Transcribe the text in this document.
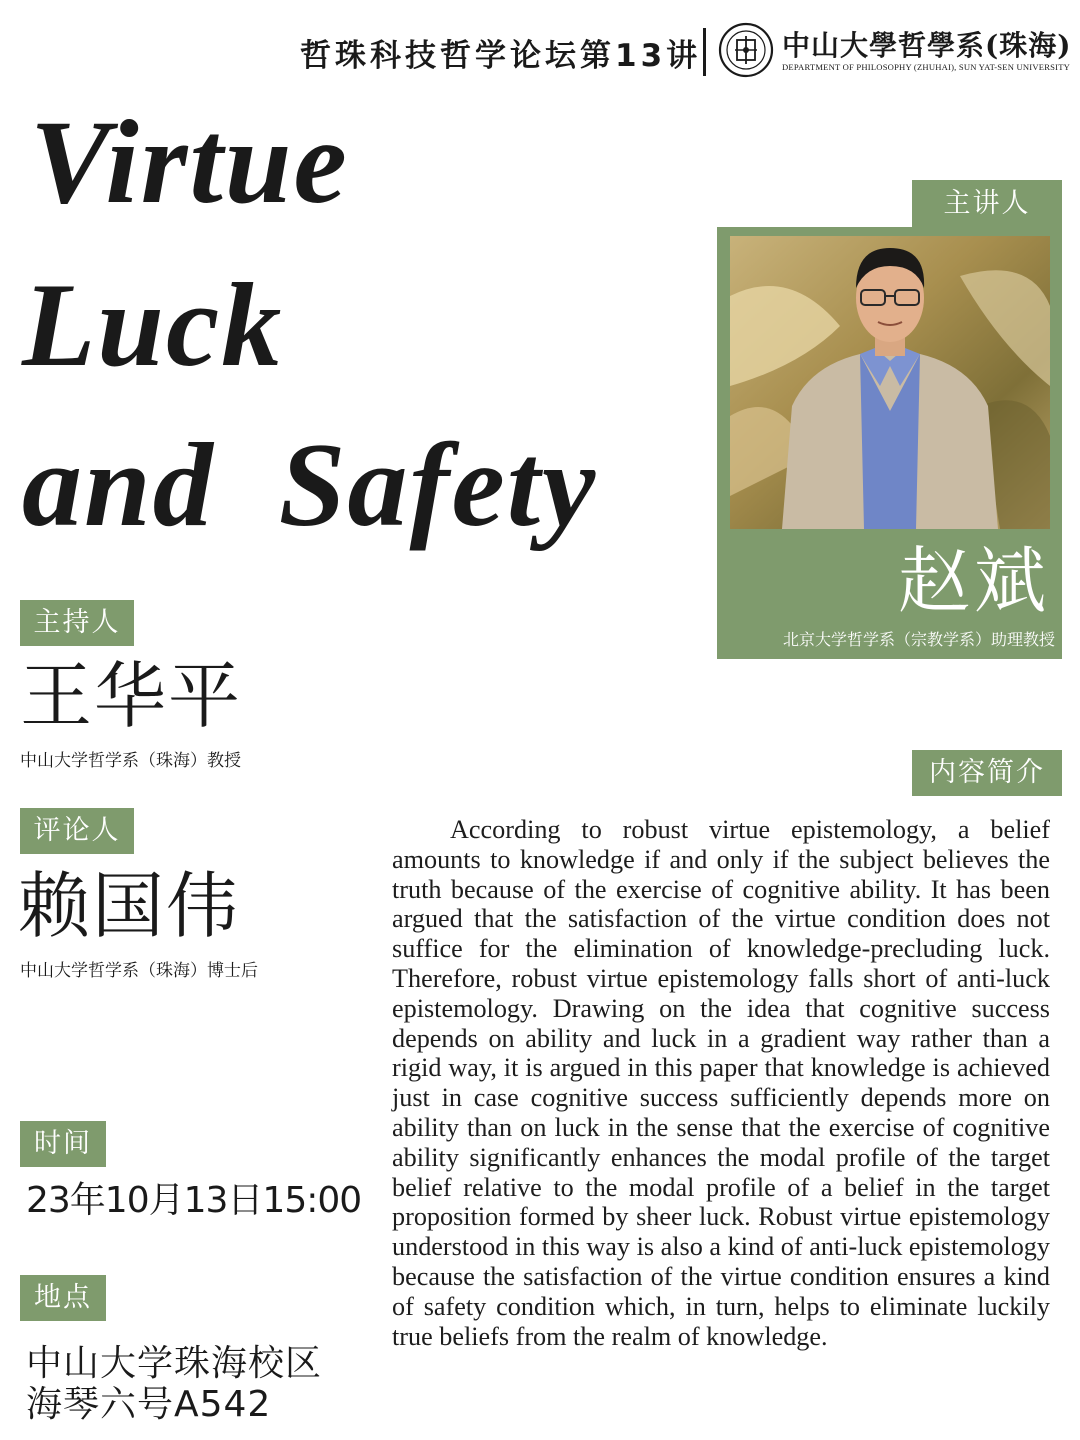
哲珠科技哲学论坛第13讲	中山大學哲學系(珠海)
DEPARTMENT OF PHILOSOPHY (ZHUHAI), SUN YAT-SEN UNIVERSITY
Virtue
Luck
and  Safety
主讲人
赵斌
北京大学哲学系（宗教学系）助理教授
主持人
王华平
中山大学哲学系（珠海）教授
评论人
赖国伟
中山大学哲学系（珠海）博士后
时间
23年10月13日15:00
地点
中山大学珠海校区
海琴六号A542
内容简介
According to robust virtue epistemology, a belief amounts to knowledge if and only if the subject believes the truth because of the exercise of cognitive ability. It has been argued that the satisfaction of the virtue condition does not suffice for the elimination of knowledge-precluding luck. Therefore, robust virtue epistemology falls short of anti-luck epistemology. Drawing on the idea that cognitive success depends on ability and luck in a gradient way rather than a rigid way, it is argued in this paper that knowledge is achieved just in case cognitive success sufficiently depends more on ability than on luck in the sense that the exercise of cognitive ability significantly enhances the modal profile of the target belief relative to the modal profile of a belief in the target proposition formed by sheer luck. Robust virtue epistemology understood in this way is also a kind of anti-luck epistemology because the satisfaction of the virtue condition ensures a kind of safety condition which, in turn, helps to eliminate luckily true beliefs from the realm of knowledge.
